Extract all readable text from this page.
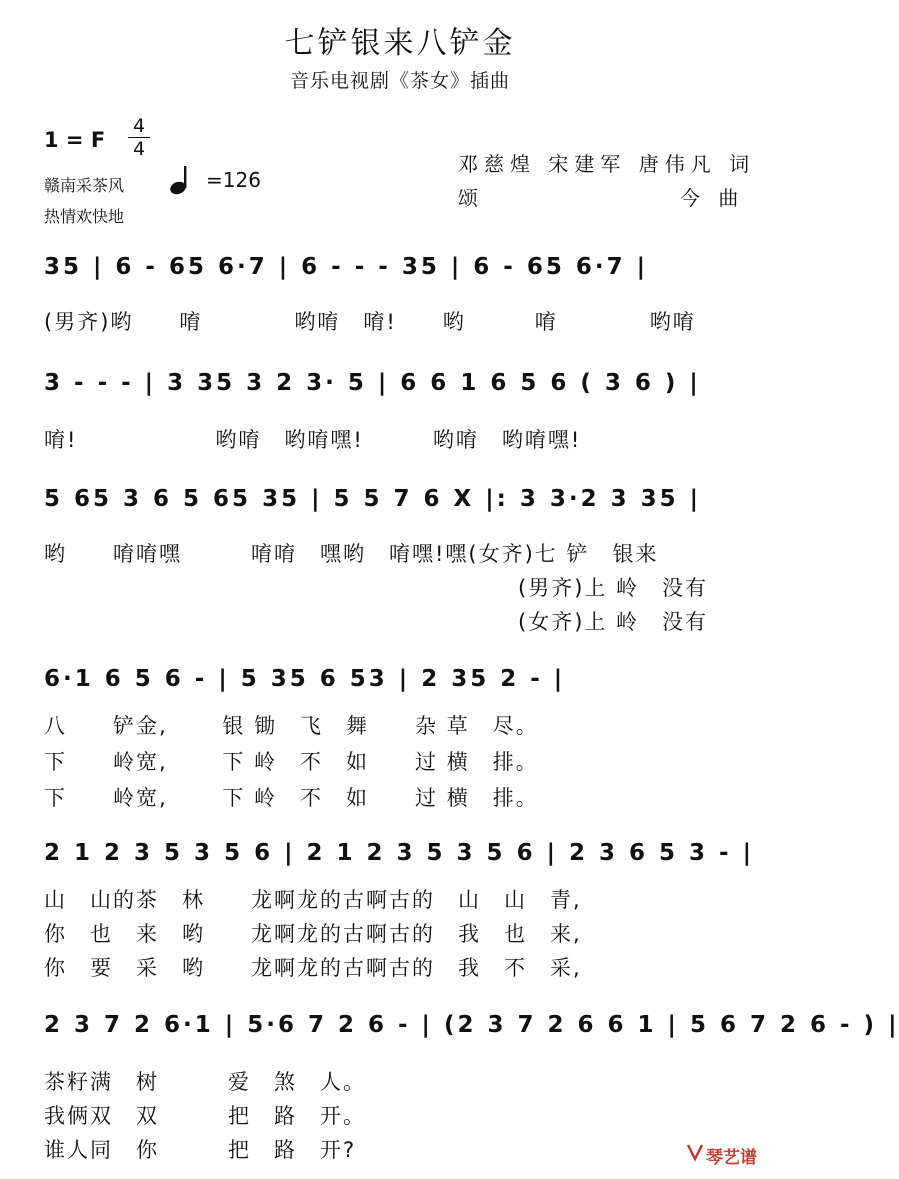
七铲银来八铲金
音乐电视剧《茶女》插曲
1 = F
4
4
赣南采茶风
热情欢快地
=126
邓慈煌 宋建军 唐伟凡 词
颂	今 曲
35 | 6 - 65 6·7 | 6 - - - 35 | 6 - 65 6·7 |
(男齐)哟　　唷　　　　哟唷　唷!　　哟　　　唷　　　　哟唷
3 - - - | 3 35 3 2 3· 5 | 6 6 1 6 5 6 ( 3 6 ) |
唷!　　　　　　哟唷　哟唷嘿!　　　哟唷　哟唷嘿!
5 65 3 6 5 65 35 | 5 5 7 6 X |: 3 3·2 3 35 |
哟　　唷唷嘿　　　唷唷　嘿哟　唷嘿!嘿(女齐)七 铲　银来
(男齐)上 岭　没有
(女齐)上 岭　没有
6·1 6 5 6 - | 5 35 6 53 | 2 35 2 - |
八　　铲金,　　 银 锄　飞　舞　　杂 草　尽。
下　　岭宽,　　 下 岭　不　如　　过 横　排。
下　　岭宽,　　 下 岭　不　如　　过 横　排。
2 1 2 3 5 3 5 6 | 2 1 2 3 5 3 5 6 | 2 3 6 5 3 - |
山　山的茶　林　　龙啊龙的古啊古的　山　山　青,
你　也　来　哟　　龙啊龙的古啊古的　我　也　来,
你　要　采　哟　　龙啊龙的古啊古的　我　不　采,
2 3 7 2 6·1 | 5·6 7 2 6 - | (2 3 7 2 6 6 1 | 5 6 7 2 6 - ) |
茶籽满　树　　　爱　煞　人。
我俩双　双　　　把　路　开。
谁人同　你　　　把　路　开?	琴艺谱
